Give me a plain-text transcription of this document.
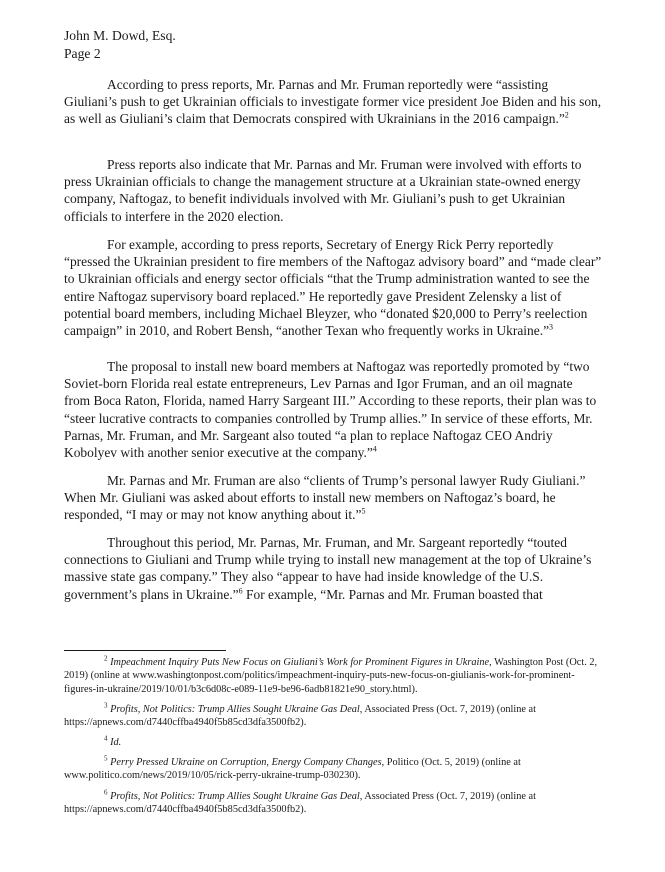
John M. Dowd, Esq.
Page 2

According to press reports, Mr. Parnas and Mr. Fruman reportedly were “assisting Giuliani’s push to get Ukrainian officials to investigate former vice president Joe Biden and his son, as well as Giuliani’s claim that Democrats conspired with Ukrainians in the 2016 campaign.”$^2$

Press reports also indicate that Mr. Parnas and Mr. Fruman were involved with efforts to press Ukrainian officials to change the management structure at a Ukrainian state-owned energy company, Naftogaz, to benefit individuals involved with Mr. Giuliani’s push to get Ukrainian officials to interfere in the 2020 election.

For example, according to press reports, Secretary of Energy Rick Perry reportedly “pressed the Ukrainian president to fire members of the Naftogaz advisory board” and “made clear” to Ukrainian officials and energy sector officials “that the Trump administration wanted to see the entire Naftogaz supervisory board replaced.” He reportedly gave President Zelensky a list of potential board members, including Michael Bleyzer, who “donated $20,000 to Perry’s reelection campaign” in 2010, and Robert Bensh, “another Texan who frequently works in Ukraine.”$^3$

The proposal to install new board members at Naftogaz was reportedly promoted by “two Soviet-born Florida real estate entrepreneurs, Lev Parnas and Igor Fruman, and an oil magnate from Boca Raton, Florida, named Harry Sargeant III.” According to these reports, their plan was to “steer lucrative contracts to companies controlled by Trump allies.” In service of these efforts, Mr. Parnas, Mr. Fruman, and Mr. Sargeant also touted “a plan to replace Naftogaz CEO Andriy Kobolyev with another senior executive at the company.”$^4$

Mr. Parnas and Mr. Fruman are also “clients of Trump’s personal lawyer Rudy Giuliani.” When Mr. Giuliani was asked about efforts to install new members on Naftogaz’s board, he responded, “I may or may not know anything about it.”$^5$

Throughout this period, Mr. Parnas, Mr. Fruman, and Mr. Sargeant reportedly “touted connections to Giuliani and Trump while trying to install new management at the top of Ukraine’s massive state gas company.” They also “appear to have had inside knowledge of the U.S. government’s plans in Ukraine.”$^6$ For example, “Mr. Parnas and Mr. Fruman boasted that

$^2$ Impeachment Inquiry Puts New Focus on Giuliani’s Work for Prominent Figures in Ukraine, Washington Post (Oct. 2, 2019) (online at www.washingtonpost.com/politics/impeachment-inquiry-puts-new-focus-on-giulianis-work-for-prominent-figures-in-ukraine/2019/10/01/b3c6d08c-e089-11e9-be96-6adb81821e90_story.html).

$^3$ Profits, Not Politics: Trump Allies Sought Ukraine Gas Deal, Associated Press (Oct. 7, 2019) (online at https://apnews.com/d7440cffba4940f5b85cd3dfa3500fb2).

$^4$ Id.

$^5$ Perry Pressed Ukraine on Corruption, Energy Company Changes, Politico (Oct. 5, 2019) (online at www.politico.com/news/2019/10/05/rick-perry-ukraine-trump-030230).

$^6$ Profits, Not Politics: Trump Allies Sought Ukraine Gas Deal, Associated Press (Oct. 7, 2019) (online at https://apnews.com/d7440cffba4940f5b85cd3dfa3500fb2).
